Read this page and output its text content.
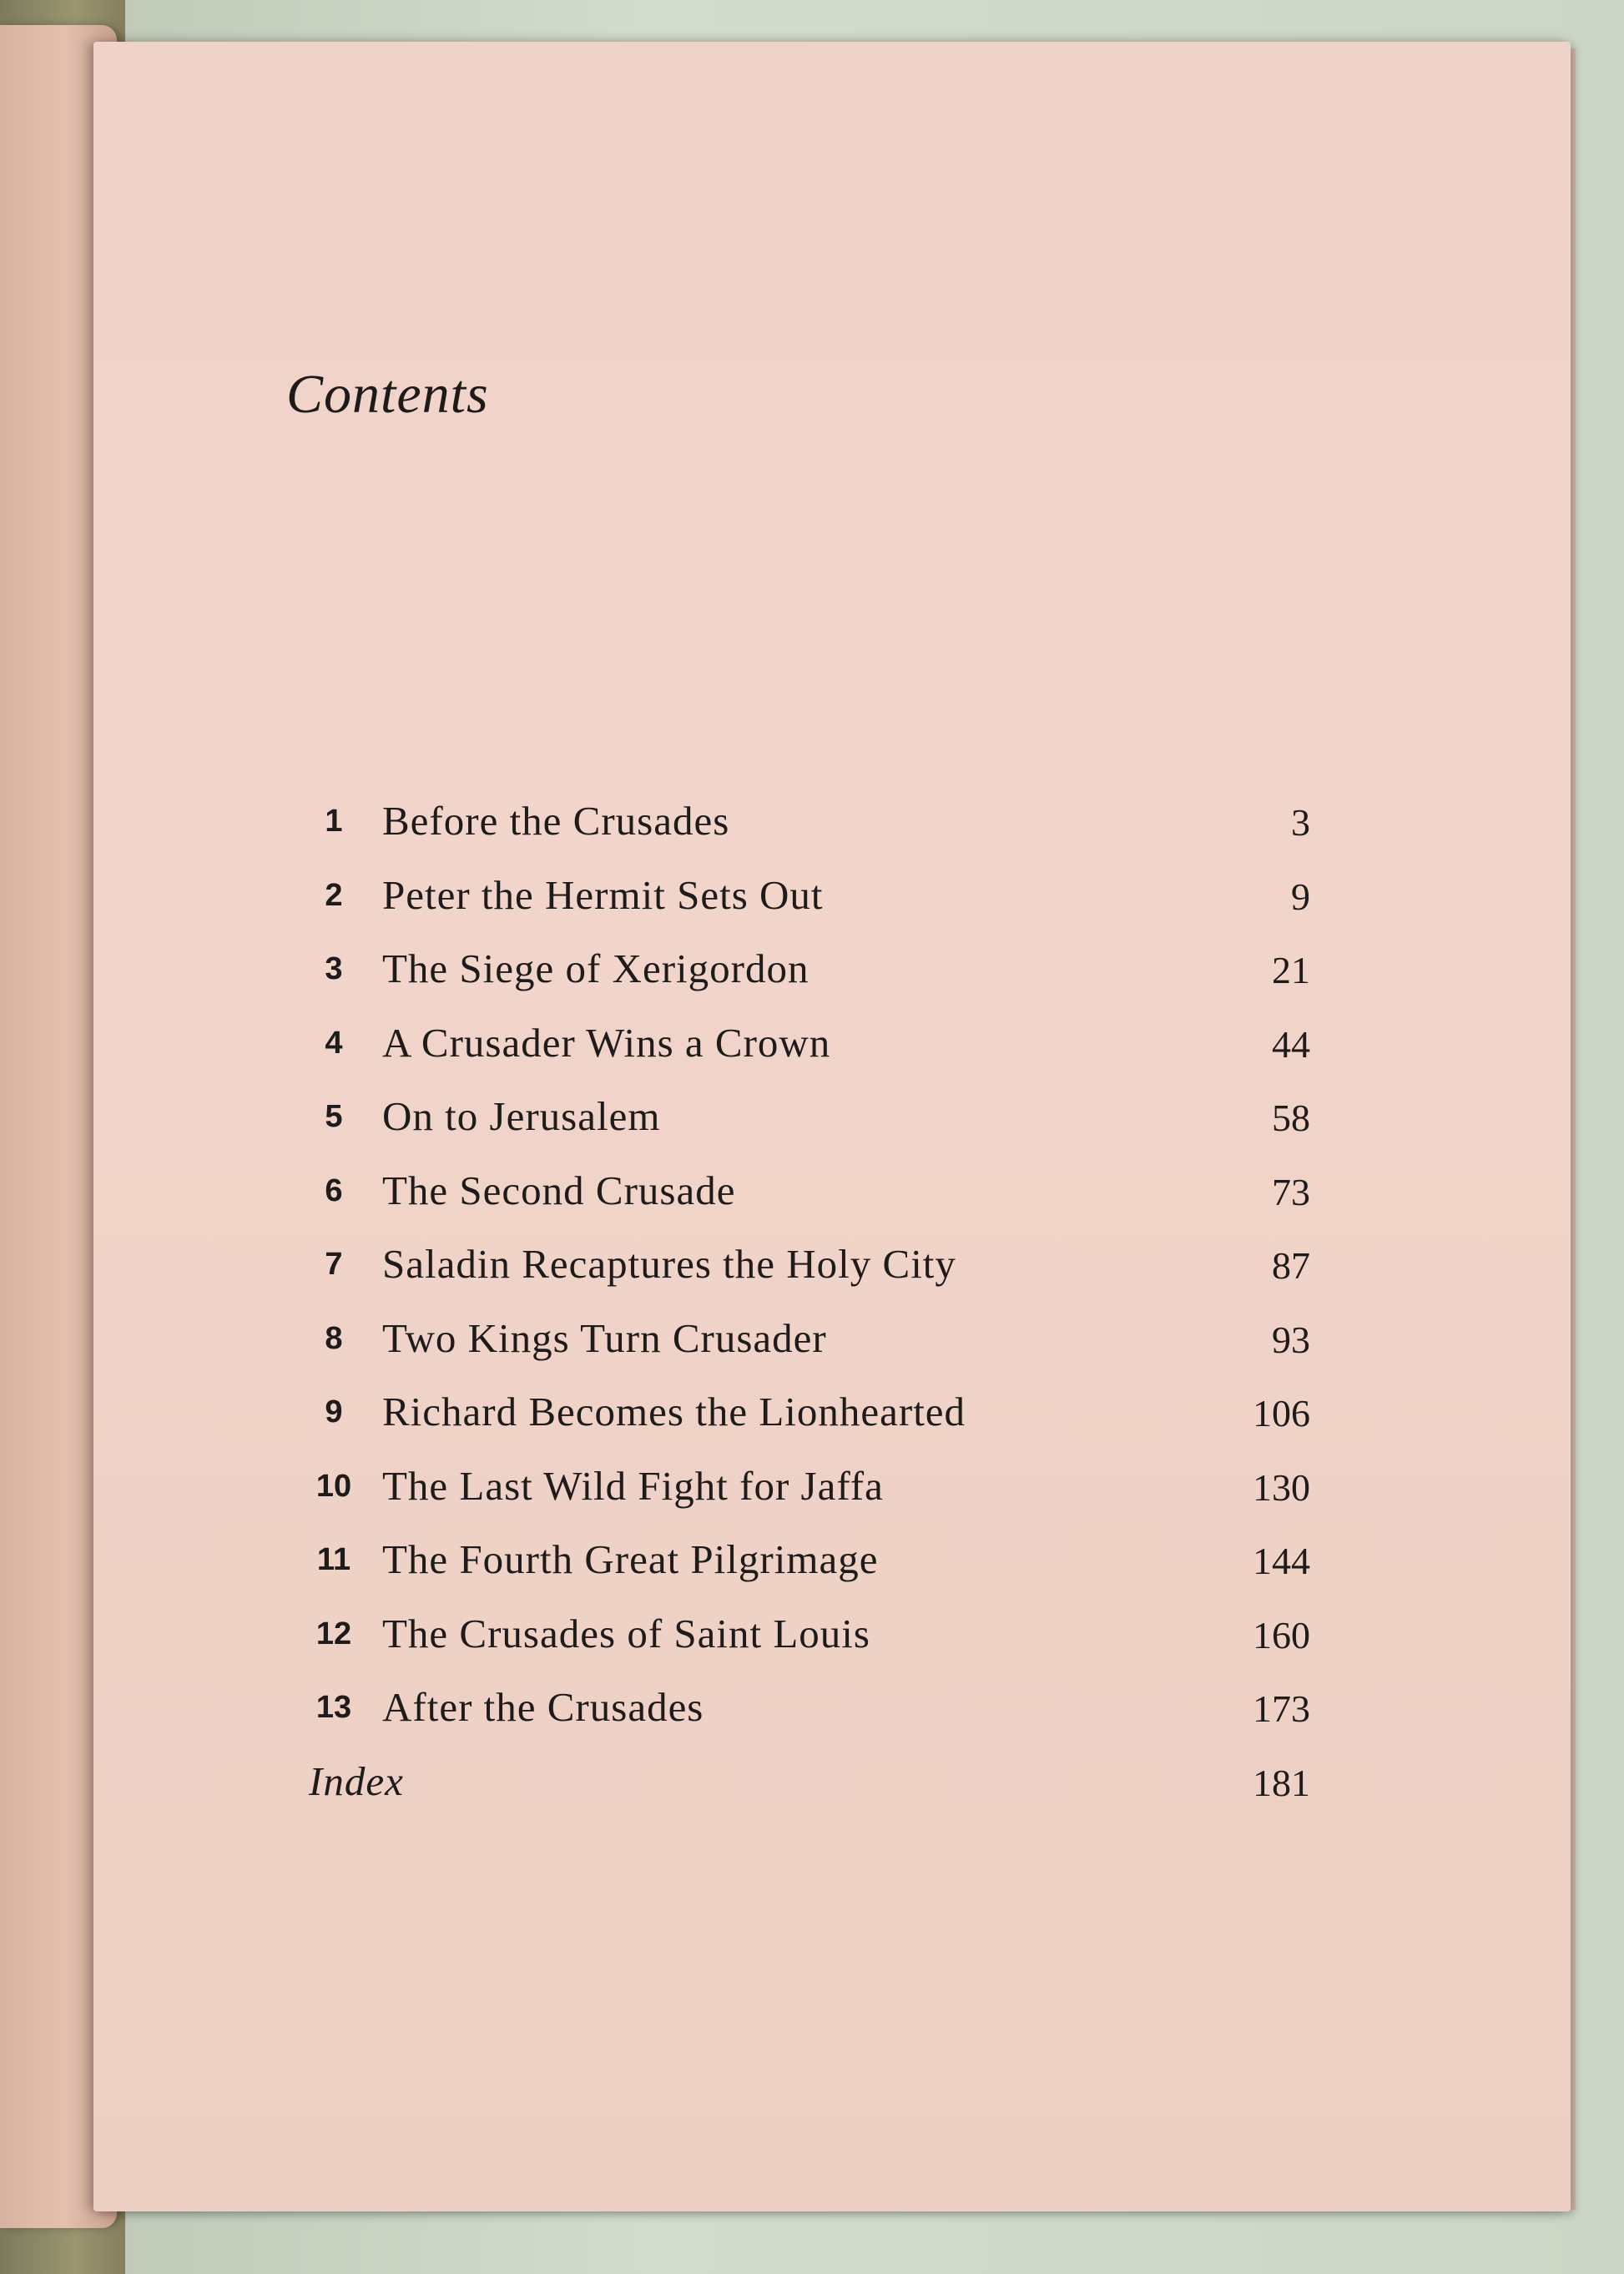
Contents
1 Before the Crusades	3
2 Peter the Hermit Sets Out	9
3 The Siege of Xerigordon	21
4 A Crusader Wins a Crown	44
5 On to Jerusalem	58
6 The Second Crusade	73
7 Saladin Recaptures the Holy City	87
8 Two Kings Turn Crusader	93
9 Richard Becomes the Lionhearted	106
10 The Last Wild Fight for Jaffa	130
11 The Fourth Great Pilgrimage	144
12 The Crusades of Saint Louis	160
13 After the Crusades	173
Index	181
